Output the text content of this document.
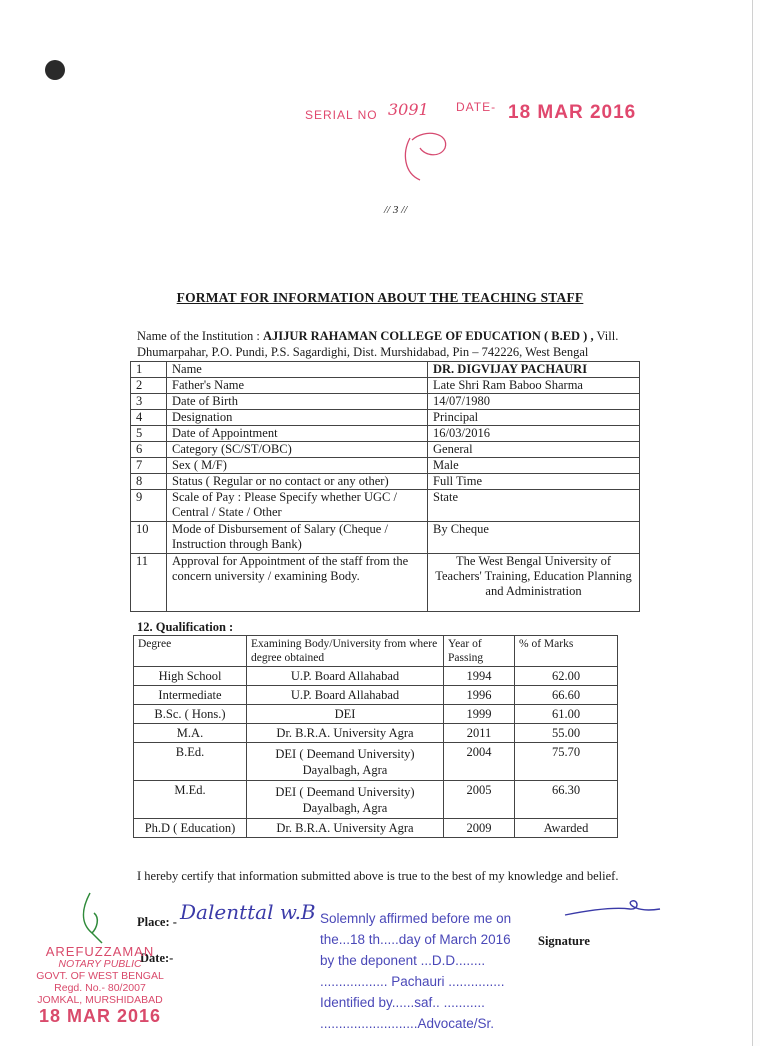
SERIAL NO 3091 DATE- 18 MAR 2016
// 3 //
FORMAT FOR INFORMATION ABOUT THE TEACHING STAFF
Name of the Institution : AJIJUR RAHAMAN COLLEGE OF EDUCATION ( B.ED ) , Vill.
Dhumarpahar, P.O. Pundi, P.S. Sagardighi, Dist. Murshidabad, Pin – 742226, West Bengal
1	Name	DR. DIGVIJAY PACHAURI
2	Father's Name	Late Shri Ram Baboo Sharma
3	Date of Birth	14/07/1980
4	Designation	Principal
5	Date of Appointment	16/03/2016
6	Category (SC/ST/OBC)	General
7	Sex ( M/F)	Male
8	Status ( Regular or no contact or any other)	Full Time
9	Scale of Pay : Please Specify whether UGC / Central / State / Other	State
10	Mode of Disbursement of Salary (Cheque / Instruction through Bank)	By Cheque
11	Approval for Appointment of the staff from the concern university / examining Body.	The West Bengal University of Teachers' Training, Education Planning and Administration
12. Qualification :
Degree	Examining Body/University from where degree obtained	Year of Passing	% of Marks
High School	U.P. Board Allahabad	1994	62.00
Intermediate	U.P. Board Allahabad	1996	66.60
B.Sc. ( Hons.)	DEI	1999	61.00
M.A.	Dr. B.R.A. University Agra	2011	55.00
B.Ed.	DEI ( Deemand University) Dayalbagh, Agra	2004	75.70
M.Ed.	DEI ( Deemand University) Dayalbagh, Agra	2005	66.30
Ph.D ( Education)	Dr. B.R.A. University Agra	2009	Awarded
I hereby certify that information submitted above is true to the best of my knowledge and belief.
Place: - Dalenttal w.B
Date:-
Signature
Solemnly affirmed before me on
the...18 th.....day of March 2016
by the deponent ...D.D........
.................. Pachauri ...............
Identified by......saf.. ...........
..........................Advocate/Sr.
AREFUZZAMAN
NOTARY PUBLIC
GOVT. OF WEST BENGAL
Regd. No.- 80/2007
JOMKAL, MURSHIDABAD
18 MAR 2016
